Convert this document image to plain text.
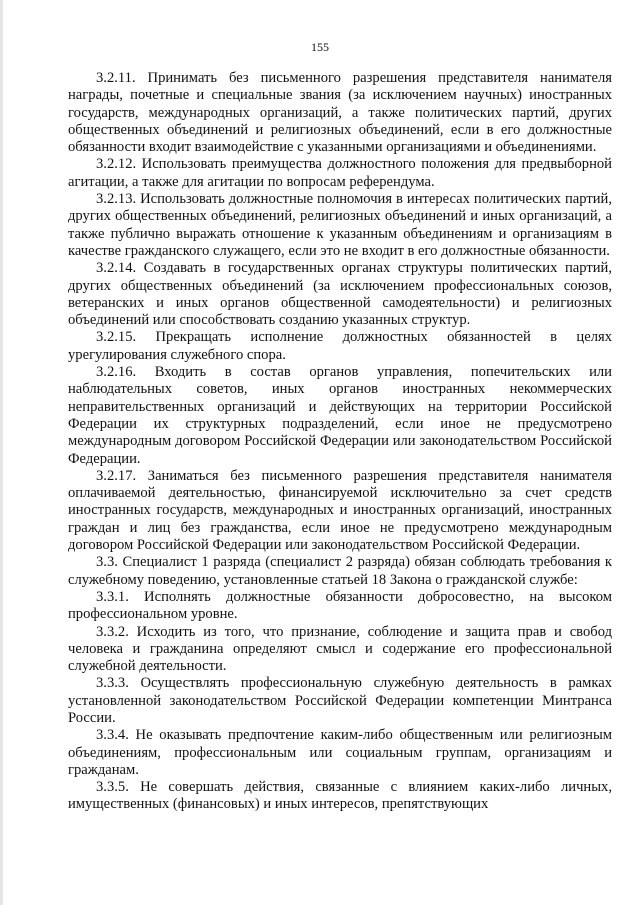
155

3.2.11. Принимать без письменного разрешения представителя нанимателя награды, почетные и специальные звания (за исключением научных) иностранных государств, международных организаций, а также политических партий, других общественных объединений и религиозных объединений, если в его должностные обязанности входит взаимодействие с указанными организациями и объединениями.

3.2.12. Использовать преимущества должностного положения для предвыборной агитации, а также для агитации по вопросам референдума.

3.2.13. Использовать должностные полномочия в интересах политических партий, других общественных объединений, религиозных объединений и иных организаций, а также публично выражать отношение к указанным объединениям и организациям в качестве гражданского служащего, если это не входит в его должностные обязанности.

3.2.14. Создавать в государственных органах структуры политических партий, других общественных объединений (за исключением профессиональных союзов, ветеранских и иных органов общественной самодеятельности) и религиозных объединений или способствовать созданию указанных структур.

3.2.15. Прекращать исполнение должностных обязанностей в целях урегулирования служебного спора.

3.2.16. Входить в состав органов управления, попечительских или наблюдательных советов, иных органов иностранных некоммерческих неправительственных организаций и действующих на территории Российской Федерации их структурных подразделений, если иное не предусмотрено международным договором Российской Федерации или законодательством Российской Федерации.

3.2.17. Заниматься без письменного разрешения представителя нанимателя оплачиваемой деятельностью, финансируемой исключительно за счет средств иностранных государств, международных и иностранных организаций, иностранных граждан и лиц без гражданства, если иное не предусмотрено международным договором Российской Федерации или законодательством Российской Федерации.

3.3. Специалист 1 разряда (специалист 2 разряда) обязан соблюдать требования к служебному поведению, установленные статьей 18 Закона о гражданской службе:

3.3.1. Исполнять должностные обязанности добросовестно, на высоком профессиональном уровне.

3.3.2. Исходить из того, что признание, соблюдение и защита прав и свобод человека и гражданина определяют смысл и содержание его профессиональной служебной деятельности.

3.3.3. Осуществлять профессиональную служебную деятельность в рамках установленной законодательством Российской Федерации компетенции Минтранса России.

3.3.4. Не оказывать предпочтение каким-либо общественным или религиозным объединениям, профессиональным или социальным группам, организациям и гражданам.

3.3.5. Не совершать действия, связанные с влиянием каких-либо личных, имущественных (финансовых) и иных интересов, препятствующих
